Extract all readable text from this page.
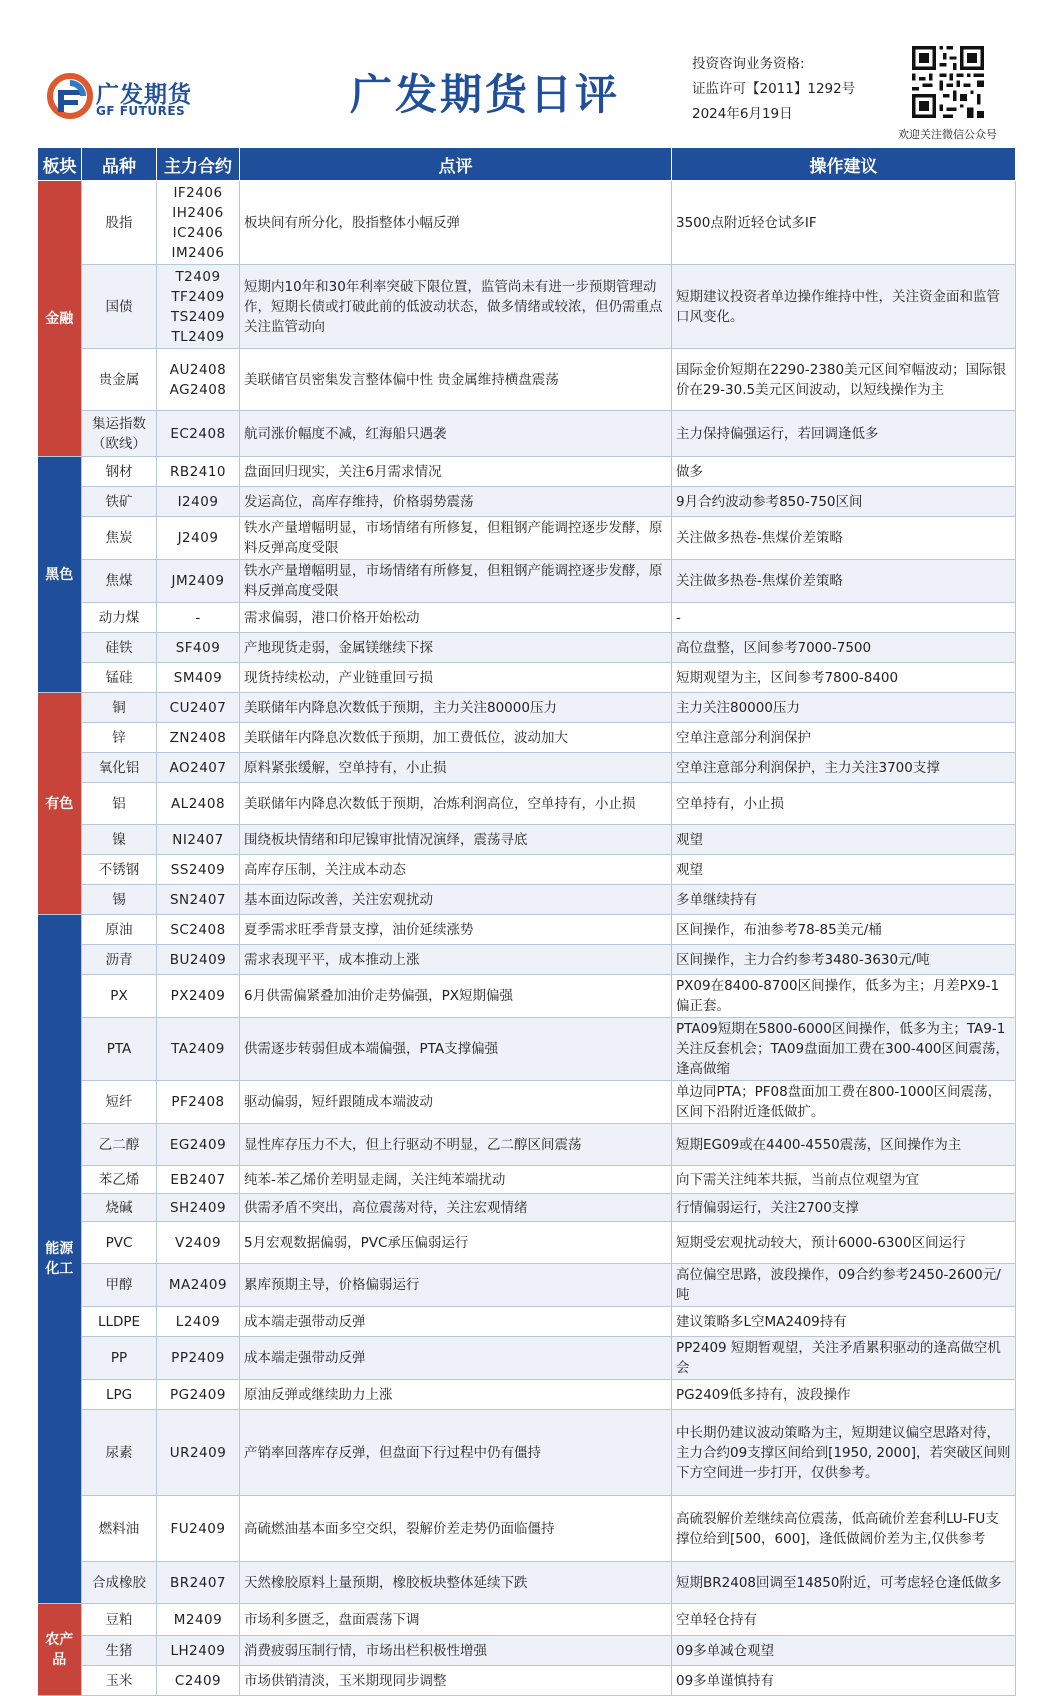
广发期货
GF FUTURES	广发期货日评
投资咨询业务资格:
证监许可【2011】1292号
2024年6月19日
欢迎关注微信公众号
板块	品种	主力合约	点评	操作建议
金融	股指	IF2406
IH2406
IC2406
IM2406	板块间有所分化，股指整体小幅反弹	3500点附近轻仓试多IF
	国债	T2409
TF2409
TS2409
TL2409	短期内10年和30年利率突破下限位置，监管尚未有进一步预期管理动作，短期长债或打破此前的低波动状态，做多情绪或较浓，但仍需重点关注监管动向	短期建议投资者单边操作维持中性，关注资金面和监管口风变化。
	贵金属	AU2408
AG2408	美联储官员密集发言整体偏中性 贵金属维持横盘震荡	国际金价短期在2290-2380美元区间窄幅波动；国际银价在29-30.5美元区间波动，以短线操作为主
	集运指数（欧线）	EC2408	航司涨价幅度不减，红海船只遇袭	主力保持偏强运行，若回调逢低多
黑色	钢材	RB2410	盘面回归现实，关注6月需求情况	做多
	铁矿	I2409	发运高位，高库存维持，价格弱势震荡	9月合约波动参考850-750区间
	焦炭	J2409	铁水产量增幅明显，市场情绪有所修复，但粗钢产能调控逐步发酵，原料反弹高度受限	关注做多热卷-焦煤价差策略
	焦煤	JM2409	铁水产量增幅明显，市场情绪有所修复，但粗钢产能调控逐步发酵，原料反弹高度受限	关注做多热卷-焦煤价差策略
	动力煤	-	需求偏弱，港口价格开始松动	-
	硅铁	SF409	产地现货走弱，金属镁继续下探	高位盘整，区间参考7000-7500
	锰硅	SM409	现货持续松动，产业链重回亏损	短期观望为主，区间参考7800-8400
有色	铜	CU2407	美联储年内降息次数低于预期，主力关注80000压力	主力关注80000压力
	锌	ZN2408	美联储年内降息次数低于预期，加工费低位，波动加大	空单注意部分利润保护
	氧化铝	AO2407	原料紧张缓解，空单持有，小止损	空单注意部分利润保护，主力关注3700支撑
	铝	AL2408	美联储年内降息次数低于预期，冶炼利润高位，空单持有，小止损	空单持有，小止损
	镍	NI2407	围绕板块情绪和印尼镍审批情况演绎，震荡寻底	观望
	不锈钢	SS2409	高库存压制，关注成本动态	观望
	锡	SN2407	基本面边际改善，关注宏观扰动	多单继续持有
能源化工	原油	SC2408	夏季需求旺季背景支撑，油价延续涨势	区间操作，布油参考78-85美元/桶
	沥青	BU2409	需求表现平平，成本推动上涨	区间操作，主力合约参考3480-3630元/吨
	PX	PX2409	6月供需偏紧叠加油价走势偏强，PX短期偏强	PX09在8400-8700区间操作，低多为主；月差PX9-1偏正套。
	PTA	TA2409	供需逐步转弱但成本端偏强，PTA支撑偏强	PTA09短期在5800-6000区间操作，低多为主；TA9-1关注反套机会；TA09盘面加工费在300-400区间震荡，逢高做缩
	短纤	PF2408	驱动偏弱，短纤跟随成本端波动	单边同PTA；PF08盘面加工费在800-1000区间震荡，区间下沿附近逢低做扩。
	乙二醇	EG2409	显性库存压力不大，但上行驱动不明显，乙二醇区间震荡	短期EG09或在4400-4550震荡，区间操作为主
	苯乙烯	EB2407	纯苯-苯乙烯价差明显走阔，关注纯苯端扰动	向下需关注纯苯共振，当前点位观望为宜
	烧碱	SH2409	供需矛盾不突出，高位震荡对待，关注宏观情绪	行情偏弱运行，关注2700支撑
	PVC	V2409	5月宏观数据偏弱，PVC承压偏弱运行	短期受宏观扰动较大，预计6000-6300区间运行
	甲醇	MA2409	累库预期主导，价格偏弱运行	高位偏空思路，波段操作，09合约参考2450-2600元/吨
	LLDPE	L2409	成本端走强带动反弹	建议策略多L空MA2409持有
	PP	PP2409	成本端走强带动反弹	PP2409 短期暂观望，关注矛盾累积驱动的逢高做空机会
	LPG	PG2409	原油反弹或继续助力上涨	PG2409低多持有，波段操作
	尿素	UR2409	产销率回落库存反弹，但盘面下行过程中仍有僵持	中长期仍建议波动策略为主，短期建议偏空思路对待，主力合约09支撑区间给到[1950, 2000]，若突破区间则下方空间进一步打开，仅供参考。
	燃料油	FU2409	高硫燃油基本面多空交织，裂解价差走势仍面临僵持	高硫裂解价差继续高位震荡，低高硫价差套利LU-FU支撑位给到[500，600]，逢低做阔价差为主,仅供参考
	合成橡胶	BR2407	天然橡胶原料上量预期，橡胶板块整体延续下跌	短期BR2408回调至14850附近，可考虑轻仓逢低做多
农产品	豆粕	M2409	市场利多匮乏，盘面震荡下调	空单轻仓持有
	生猪	LH2409	消费疲弱压制行情，市场出栏积极性增强	09多单减仓观望
	玉米	C2409	市场供销清淡，玉米期现同步调整	09多单谨慎持有
